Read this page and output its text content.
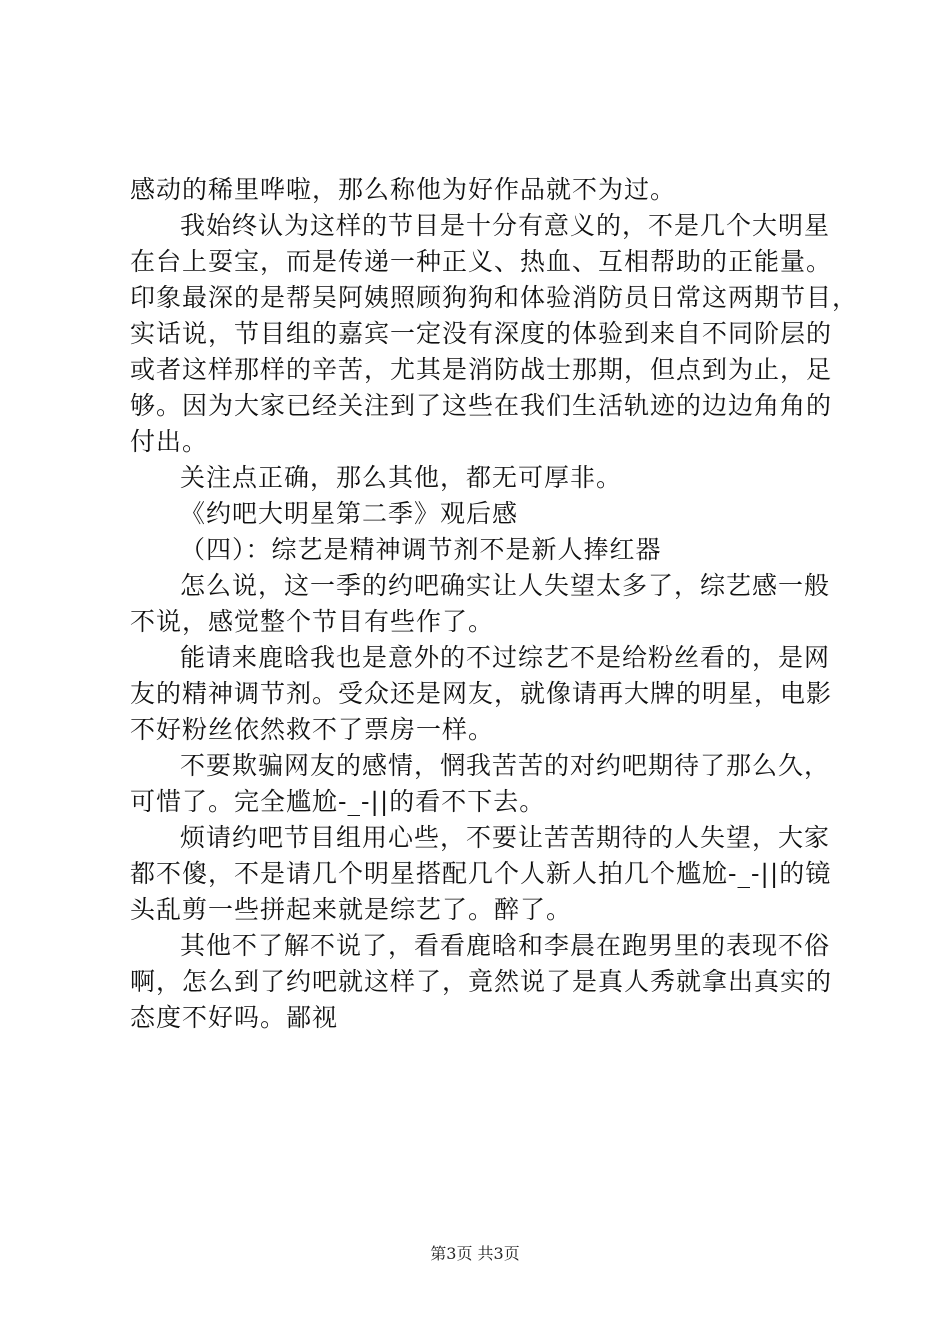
感动的稀里哗啦，那么称他为好作品就不为过。
我始终认为这样的节目是十分有意义的，不是几个大明星
在台上耍宝，而是传递一种正义、热血、互相帮助的正能量。
印象最深的是帮吴阿姨照顾狗狗和体验消防员日常这两期节目，
实话说，节目组的嘉宾一定没有深度的体验到来自不同阶层的
或者这样那样的辛苦，尤其是消防战士那期，但点到为止，足
够。因为大家已经关注到了这些在我们生活轨迹的边边角角的
付出。
关注点正确，那么其他，都无可厚非。
《约吧大明星第二季》观后感
（四）：综艺是精神调节剂不是新人捧红器
怎么说，这一季的约吧确实让人失望太多了，综艺感一般
不说，感觉整个节目有些作了。
能请来鹿晗我也是意外的不过综艺不是给粉丝看的，是网
友的精神调节剂。受众还是网友，就像请再大牌的明星，电影
不好粉丝依然救不了票房一样。
不要欺骗网友的感情，惘我苦苦的对约吧期待了那么久，
可惜了。完全尴尬-_-||的看不下去。
烦请约吧节目组用心些，不要让苦苦期待的人失望，大家
都不傻，不是请几个明星搭配几个人新人拍几个尴尬-_-||的镜
头乱剪一些拼起来就是综艺了。醉了。
其他不了解不说了，看看鹿晗和李晨在跑男里的表现不俗
啊，怎么到了约吧就这样了，竟然说了是真人秀就拿出真实的
态度不好吗。鄙视
第3页 共3页
